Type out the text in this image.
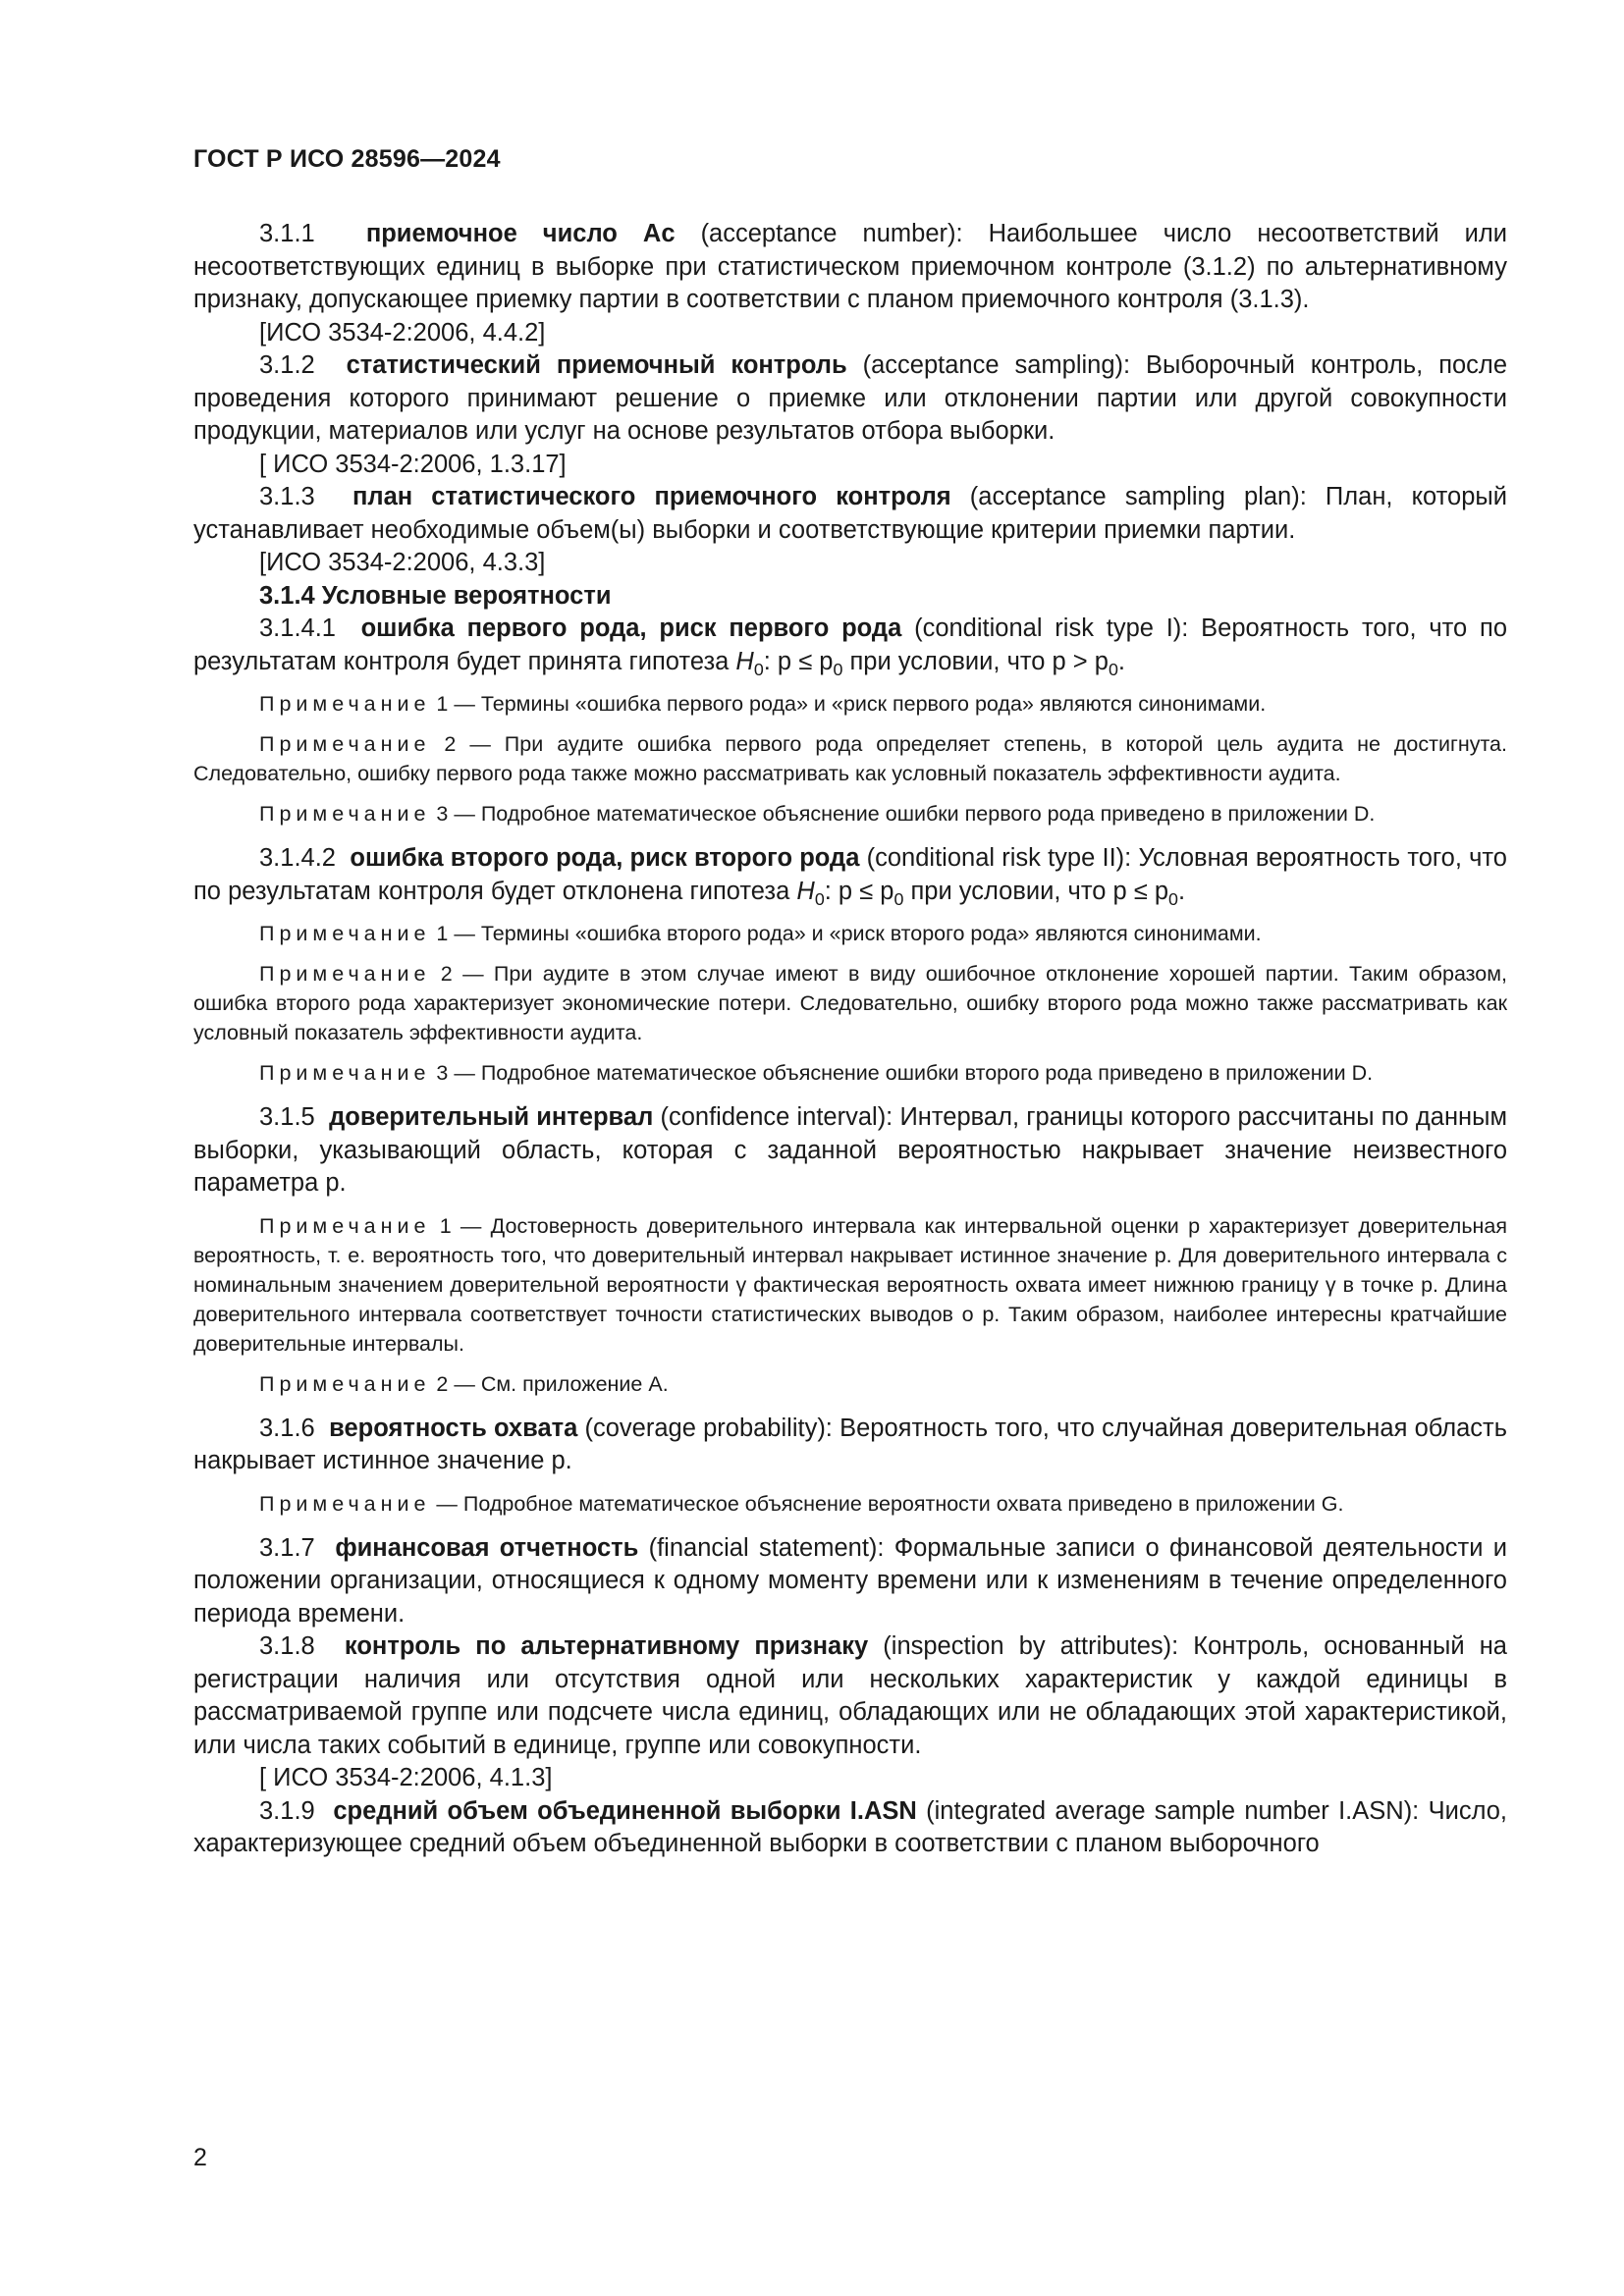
ГОСТ Р ИСО 28596—2024

3.1.1 приемочное число Ac (acceptance number): Наибольшее число несоответствий или несоответствующих единиц в выборке при статистическом приемочном контроле (3.1.2) по альтернативному признаку, допускающее приемку партии в соответствии с планом приемочного контроля (3.1.3).

[ИСО 3534-2:2006, 4.4.2]

3.1.2 статистический приемочный контроль (acceptance sampling): Выборочный контроль, после проведения которого принимают решение о приемке или отклонении партии или другой совокупности продукции, материалов или услуг на основе результатов отбора выборки.

[ ИСО 3534-2:2006, 1.3.17]

3.1.3 план статистического приемочного контроля (acceptance sampling plan): План, который устанавливает необходимые объем(ы) выборки и соответствующие критерии приемки партии.

[ИСО 3534-2:2006, 4.3.3]

3.1.4 Условные вероятности

3.1.4.1 ошибка первого рода, риск первого рода (conditional risk type I): Вероятность того, что по результатам контроля будет принята гипотеза $H_0$: $p \le p_0$ при условии, что $p > p_0$.

Примечание 1 — Термины «ошибка первого рода» и «риск первого рода» являются синонимами.

Примечание 2 — При аудите ошибка первого рода определяет степень, в которой цель аудита не достигнута. Следовательно, ошибку первого рода также можно рассматривать как условный показатель эффективности аудита.

Примечание 3 — Подробное математическое объяснение ошибки первого рода приведено в приложении D.

3.1.4.2 ошибка второго рода, риск второго рода (conditional risk type II): Условная вероятность того, что по результатам контроля будет отклонена гипотеза $H_0$: $p \le p_0$ при условии, что $p \le p_0$.

Примечание 1 — Термины «ошибка второго рода» и «риск второго рода» являются синонимами.

Примечание 2 — При аудите в этом случае имеют в виду ошибочное отклонение хорошей партии. Таким образом, ошибка второго рода характеризует экономические потери. Следовательно, ошибку второго рода можно также рассматривать как условный показатель эффективности аудита.

Примечание 3 — Подробное математическое объяснение ошибки второго рода приведено в приложении D.

3.1.5 доверительный интервал (confidence interval): Интервал, границы которого рассчитаны по данным выборки, указывающий область, которая с заданной вероятностью накрывает значение неизвестного параметра p.

Примечание 1 — Достоверность доверительного интервала как интервальной оценки p характеризует доверительная вероятность, т. е. вероятность того, что доверительный интервал накрывает истинное значение p. Для доверительного интервала с номинальным значением доверительной вероятности γ фактическая вероятность охвата имеет нижнюю границу γ в точке p. Длина доверительного интервала соответствует точности статистических выводов о p. Таким образом, наиболее интересны кратчайшие доверительные интервалы.

Примечание 2 — См. приложение А.

3.1.6 вероятность охвата (coverage probability): Вероятность того, что случайная доверительная область накрывает истинное значение p.

Примечание — Подробное математическое объяснение вероятности охвата приведено в приложении G.

3.1.7 финансовая отчетность (financial statement): Формальные записи о финансовой деятельности и положении организации, относящиеся к одному моменту времени или к изменениям в течение определенного периода времени.

3.1.8 контроль по альтернативному признаку (inspection by attributes): Контроль, основанный на регистрации наличия или отсутствия одной или нескольких характеристик у каждой единицы в рассматриваемой группе или подсчете числа единиц, обладающих или не обладающих этой характеристикой, или числа таких событий в единице, группе или совокупности.

[ ИСО 3534-2:2006, 4.1.3]

3.1.9 средний объем объединенной выборки I.ASN (integrated average sample number I.ASN): Число, характеризующее средний объем объединенной выборки в соответствии с планом выборочного

2
